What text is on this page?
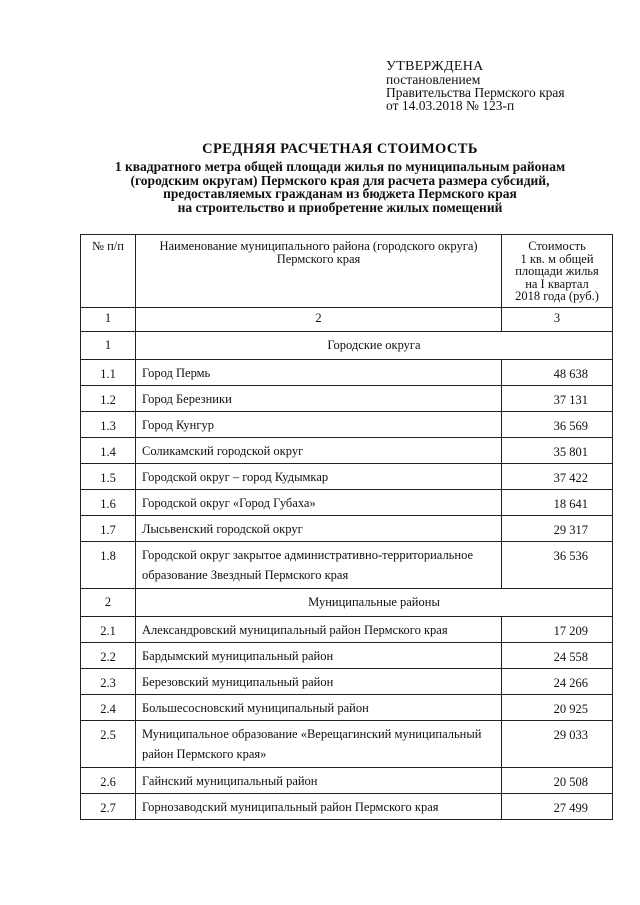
УТВЕРЖДЕНА
постановлением
Правительства Пермского края
от 14.03.2018 № 123-п
СРЕДНЯЯ РАСЧЕТНАЯ СТОИМОСТЬ
1 квадратного метра общей площади жилья по муниципальным районам
(городским округам) Пермского края для расчета размера субсидий,
предоставляемых гражданам из бюджета Пермского края
на строительство и приобретение жилых помещений
№ п/п	Наименование муниципального района (городского округа) Пермского края	Стоимость
1 кв. м общей
площади жилья
на I квартал
2018 года (руб.)

1	2	3
1	Городские округа	
1.1	Город Пермь	48 638
1.2	Город Березники	37 131
1.3	Город Кунгур	36 569
1.4	Соликамский городской округ	35 801
1.5	Городской округ – город Кудымкар	37 422
1.6	Городской округ «Город Губаха»	18 641
1.7	Лысьвенский городской округ	29 317
1.8	Городской округ закрытое административно-территориальное образование Звездный Пермского края	36 536
2	Муниципальные районы	
2.1	Александровский муниципальный район Пермского края	17 209
2.2	Бардымский муниципальный район	24 558
2.3	Березовский муниципальный район	24 266
2.4	Большесосновский муниципальный район	20 925
2.5	Муниципальное образование «Верещагинский муниципальный район Пермского края»	29 033
2.6	Гайнский муниципальный район	20 508
2.7	Горнозаводский муниципальный район Пермского края	27 499
